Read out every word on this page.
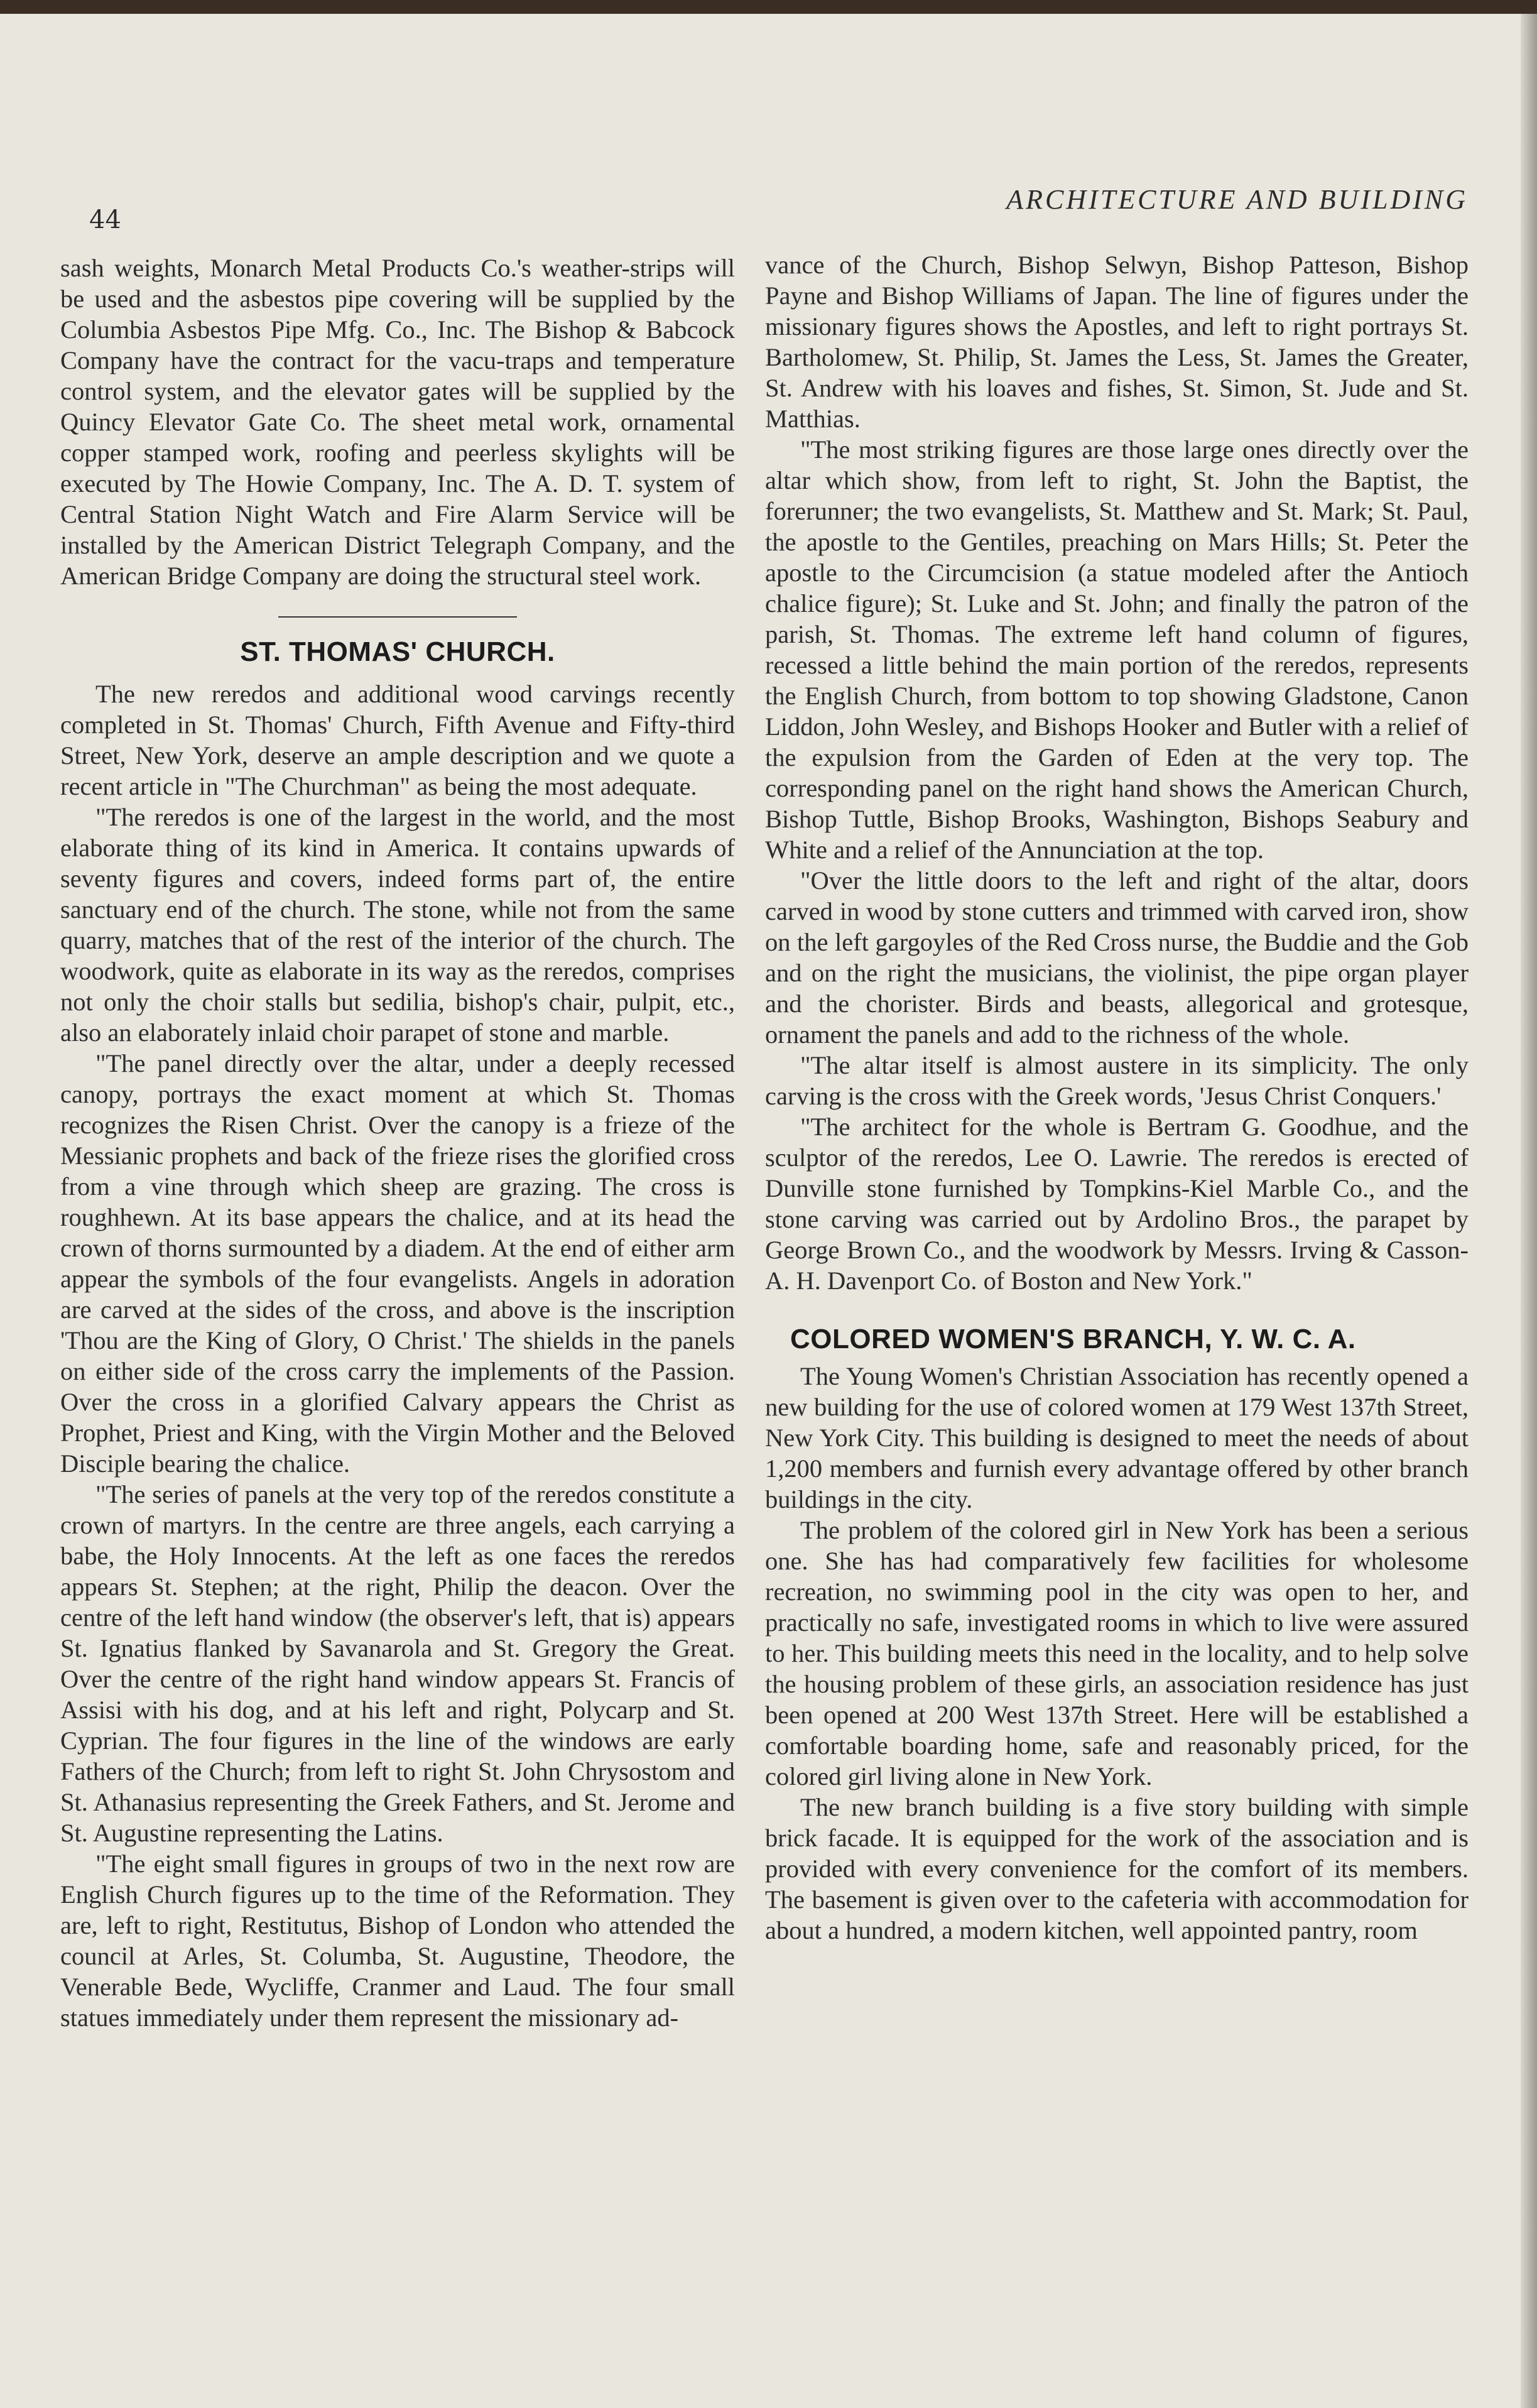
44
ARCHITECTURE AND BUILDING

sash weights, Monarch Metal Products Co.'s weather-strips will be used and the asbestos pipe covering will be supplied by the Columbia Asbestos Pipe Mfg. Co., Inc. The Bishop & Babcock Company have the contract for the vacu-traps and temperature control system, and the elevator gates will be supplied by the Quincy Elevator Gate Co. The sheet metal work, ornamental copper stamped work, roofing and peerless skylights will be executed by The Howie Company, Inc. The A. D. T. system of Central Station Night Watch and Fire Alarm Service will be installed by the American District Telegraph Company, and the American Bridge Company are doing the structural steel work.

ST. THOMAS' CHURCH.

The new reredos and additional wood carvings recently completed in St. Thomas' Church, Fifth Avenue and Fifty-third Street, New York, deserve an ample description and we quote a recent article in "The Churchman" as being the most adequate.

"The reredos is one of the largest in the world, and the most elaborate thing of its kind in America. It contains upwards of seventy figures and covers, indeed forms part of, the entire sanctuary end of the church. The stone, while not from the same quarry, matches that of the rest of the interior of the church. The woodwork, quite as elaborate in its way as the reredos, comprises not only the choir stalls but sedilia, bishop's chair, pulpit, etc., also an elaborately inlaid choir parapet of stone and marble.

"The panel directly over the altar, under a deeply recessed canopy, portrays the exact moment at which St. Thomas recognizes the Risen Christ. Over the canopy is a frieze of the Messianic prophets and back of the frieze rises the glorified cross from a vine through which sheep are grazing. The cross is roughhewn. At its base appears the chalice, and at its head the crown of thorns surmounted by a diadem. At the end of either arm appear the symbols of the four evangelists. Angels in adoration are carved at the sides of the cross, and above is the inscription 'Thou are the King of Glory, O Christ.' The shields in the panels on either side of the cross carry the implements of the Passion. Over the cross in a glorified Calvary appears the Christ as Prophet, Priest and King, with the Virgin Mother and the Beloved Disciple bearing the chalice.

"The series of panels at the very top of the reredos constitute a crown of martyrs. In the centre are three angels, each carrying a babe, the Holy Innocents. At the left as one faces the reredos appears St. Stephen; at the right, Philip the deacon. Over the centre of the left hand window (the observer's left, that is) appears St. Ignatius flanked by Savanarola and St. Gregory the Great. Over the centre of the right hand window appears St. Francis of Assisi with his dog, and at his left and right, Polycarp and St. Cyprian. The four figures in the line of the windows are early Fathers of the Church; from left to right St. John Chrysostom and St. Athanasius representing the Greek Fathers, and St. Jerome and St. Augustine representing the Latins.

"The eight small figures in groups of two in the next row are English Church figures up to the time of the Reformation. They are, left to right, Restitutus, Bishop of London who attended the council at Arles, St. Columba, St. Augustine, Theodore, the Venerable Bede, Wycliffe, Cranmer and Laud. The four small statues immediately under them represent the missionary ad-

vance of the Church, Bishop Selwyn, Bishop Patteson, Bishop Payne and Bishop Williams of Japan. The line of figures under the missionary figures shows the Apostles, and left to right portrays St. Bartholomew, St. Philip, St. James the Less, St. James the Greater, St. Andrew with his loaves and fishes, St. Simon, St. Jude and St. Matthias.

"The most striking figures are those large ones directly over the altar which show, from left to right, St. John the Baptist, the forerunner; the two evangelists, St. Matthew and St. Mark; St. Paul, the apostle to the Gentiles, preaching on Mars Hills; St. Peter the apostle to the Circumcision (a statue modeled after the Antioch chalice figure); St. Luke and St. John; and finally the patron of the parish, St. Thomas. The extreme left hand column of figures, recessed a little behind the main portion of the reredos, represents the English Church, from bottom to top showing Gladstone, Canon Liddon, John Wesley, and Bishops Hooker and Butler with a relief of the expulsion from the Garden of Eden at the very top. The corresponding panel on the right hand shows the American Church, Bishop Tuttle, Bishop Brooks, Washington, Bishops Seabury and White and a relief of the Annunciation at the top.

"Over the little doors to the left and right of the altar, doors carved in wood by stone cutters and trimmed with carved iron, show on the left gargoyles of the Red Cross nurse, the Buddie and the Gob and on the right the musicians, the violinist, the pipe organ player and the chorister. Birds and beasts, allegorical and grotesque, ornament the panels and add to the richness of the whole.

"The altar itself is almost austere in its simplicity. The only carving is the cross with the Greek words, 'Jesus Christ Conquers.'

"The architect for the whole is Bertram G. Goodhue, and the sculptor of the reredos, Lee O. Lawrie. The reredos is erected of Dunville stone furnished by Tompkins-Kiel Marble Co., and the stone carving was carried out by Ardolino Bros., the parapet by George Brown Co., and the woodwork by Messrs. Irving & Casson-A. H. Davenport Co. of Boston and New York."

COLORED WOMEN'S BRANCH, Y. W. C. A.

The Young Women's Christian Association has recently opened a new building for the use of colored women at 179 West 137th Street, New York City. This building is designed to meet the needs of about 1,200 members and furnish every advantage offered by other branch buildings in the city.

The problem of the colored girl in New York has been a serious one. She has had comparatively few facilities for wholesome recreation, no swimming pool in the city was open to her, and practically no safe, investigated rooms in which to live were assured to her. This building meets this need in the locality, and to help solve the housing problem of these girls, an association residence has just been opened at 200 West 137th Street. Here will be established a comfortable boarding home, safe and reasonably priced, for the colored girl living alone in New York.

The new branch building is a five story building with simple brick facade. It is equipped for the work of the association and is provided with every convenience for the comfort of its members. The basement is given over to the cafeteria with accommodation for about a hundred, a modern kitchen, well appointed pantry, room
